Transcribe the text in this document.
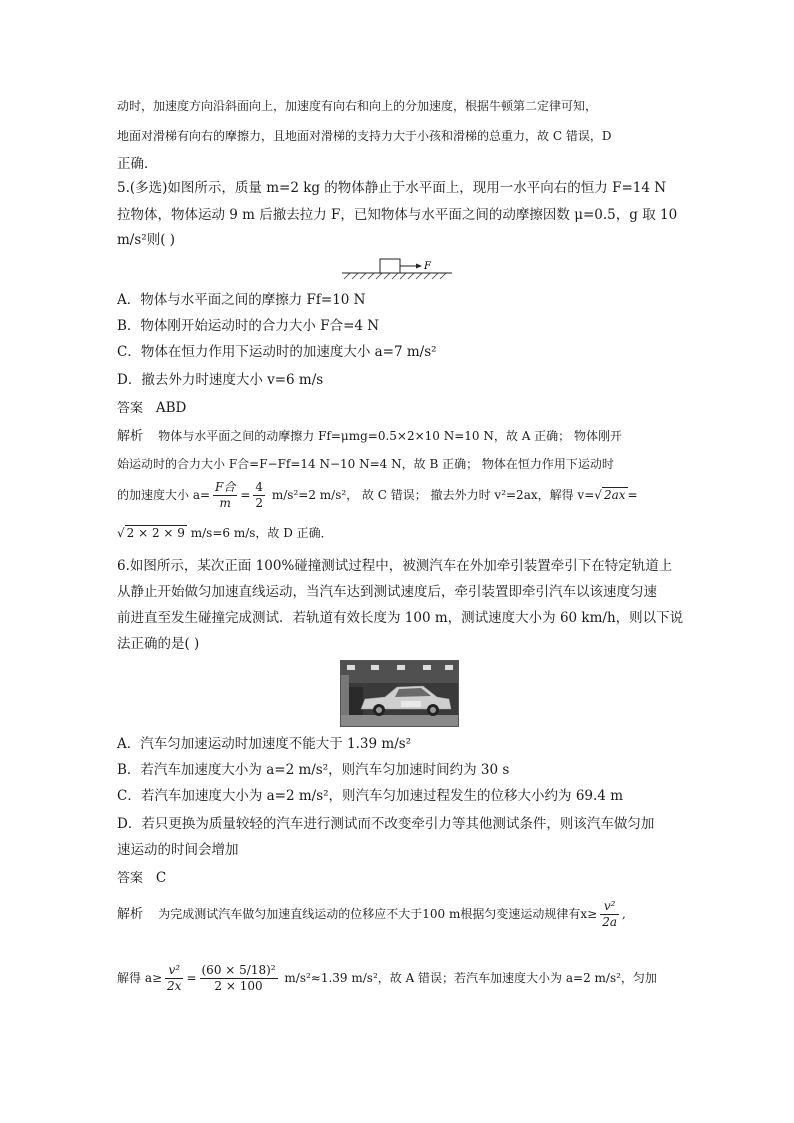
动时，加速度方向沿斜面向上，加速度有向右和向上的分加速度，根据牛顿第二定律可知，
地面对滑梯有向右的摩擦力，且地面对滑梯的支持力大于小孩和滑梯的总重力，故 C 错误，D
正确．
5.(多选)如图所示，质量 m=2 kg 的物体静止于水平面上，现用一水平向右的恒力 F=14 N
拉物体，物体运动 9 m 后撤去拉力 F，已知物体与水平面之间的动摩擦因数 μ=0.5，g 取 10
m/s²则( )
F
A．物体与水平面之间的摩擦力 Ff=10 N
B．物体刚开始运动时的合力大小 F合=4 N
C．物体在恒力作用下运动时的加速度大小 a=7 m/s²
D．撤去外力时速度大小 v=6 m/s
答案 ABD
解析 物体与水平面之间的动摩擦力 Ff=μmg=0.5×2×10 N=10 N，故 A 正确； 物体刚开
始运动时的合力大小 F合=F−Ff=14 N−10 N=4 N，故 B 正确； 物体在恒力作用下运动时
的加速度大小 $a= \frac{\text{F合}}{m} = \frac{4}{2} m/s^2=2$ m/s²， 故 C 错误； 撤去外力时 v²=2ax，解得 v=√ 2ax =
√ 2 × 2 × 9 m/s=6 m/s，故 D 正确．
6.如图所示，某次正面 100%碰撞测试过程中，被测汽车在外加牵引装置牵引下在特定轨道上
从静止开始做匀加速直线运动，当汽车达到测试速度后，牵引装置即牵引汽车以该速度匀速
前进直至发生碰撞完成测试．若轨道有效长度为 100 m，测试速度大小为 60 km/h，则以下说
法正确的是( )
A．汽车匀加速运动时加速度不能大于 1.39 m/s²
B．若汽车加速度大小为 a=2 m/s²，则汽车匀加速时间约为 30 s
C．若汽车加速度大小为 a=2 m/s²，则汽车匀加速过程发生的位移大小约为 69.4 m
D．若只更换为质量较轻的汽车进行测试而不改变牵引力等其他测试条件，则该汽车做匀加
速运动的时间会增加
答案 C
解析 为完成测试汽车做匀加速直线运动的位移应不大于100 m根据匀变速运动规律有$x\ge \frac{\text{v²}}{2a}$ ,
解得 $a\ge \frac{\text{v²}}{2x} = \frac{\text{(60 × 5/18)²}}{2 \times 100} m/s^2\approx 1.39$ m/s²，故 A 错误；若汽车加速度大小为 a=2 m/s²，匀加
